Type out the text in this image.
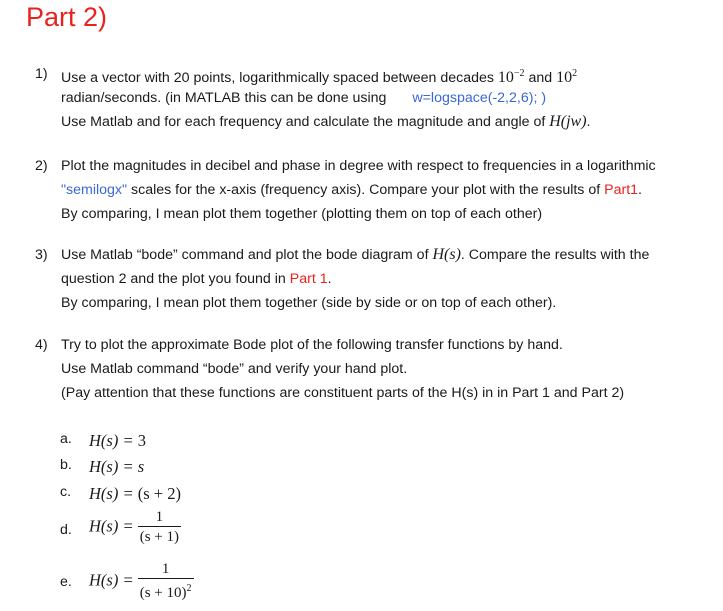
Part 2)
1) Use a vector with 20 points, logarithmically spaced between decades $10^{-2}$ and $10^2$
radian/seconds. (in MATLAB this can be done using w=logspace(-2,2,6); )
Use Matlab and for each frequency and calculate the magnitude and angle of H(jw).
2) Plot the magnitudes in decibel and phase in degree with respect to frequencies in a logarithmic
"semilogx" scales for the x-axis (frequency axis). Compare your plot with the results of Part1.
By comparing, I mean plot them together (plotting them on top of each other)
3) Use Matlab “bode” command and plot the bode diagram of H(s). Compare the results with the
question 2 and the plot you found in Part 1.
By comparing, I mean plot them together (side by side or on top of each other).
4) Try to plot the approximate Bode plot of the following transfer functions by hand.
Use Matlab command “bode” and verify your hand plot.
(Pay attention that these functions are constituent parts of the H(s) in in Part 1 and Part 2)
a.	H(s) = 3
b.	H(s) = s
c.	H(s) = (s + 2)
d.	$H(s) = \frac{1}{(s + 1)}$
e.	$H(s) = \frac{1}{(s + 10)^2}$
